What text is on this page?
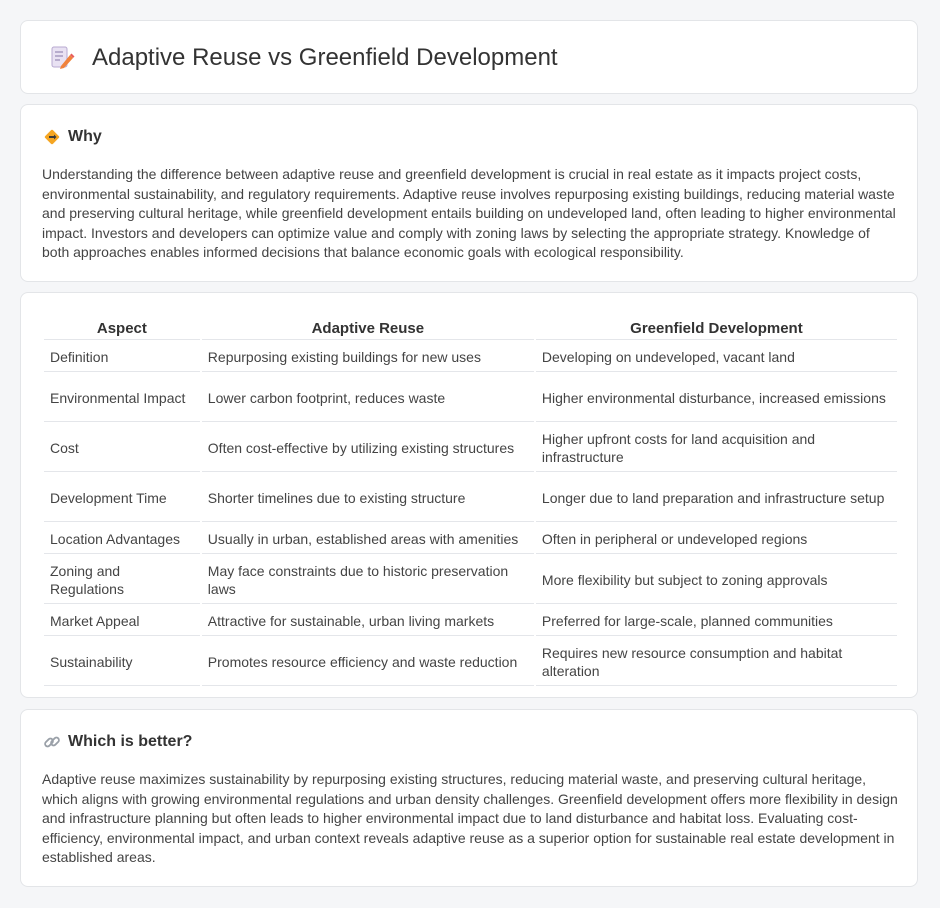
Adaptive Reuse vs Greenfield Development
Why

Understanding the difference between adaptive reuse and greenfield development is crucial in real estate as it impacts project costs, environmental sustainability, and regulatory requirements. Adaptive reuse involves repurposing existing buildings, reducing material waste and preserving cultural heritage, while greenfield development entails building on undeveloped land, often leading to higher environmental impact. Investors and developers can optimize value and comply with zoning laws by selecting the appropriate strategy. Knowledge of both approaches enables informed decisions that balance economic goals with ecological responsibility.

Aspect	Adaptive Reuse	Greenfield Development
Definition	Repurposing existing buildings for new uses	Developing on undeveloped, vacant land
Environmental Impact	Lower carbon footprint, reduces waste	Higher environmental disturbance, increased emissions
Cost	Often cost-effective by utilizing existing structures	Higher upfront costs for land acquisition and infrastructure
Development Time	Shorter timelines due to existing structure	Longer due to land preparation and infrastructure setup
Location Advantages	Usually in urban, established areas with amenities	Often in peripheral or undeveloped regions
Zoning and Regulations	May face constraints due to historic preservation laws	More flexibility but subject to zoning approvals
Market Appeal	Attractive for sustainable, urban living markets	Preferred for large-scale, planned communities
Sustainability	Promotes resource efficiency and waste reduction	Requires new resource consumption and habitat alteration
Which is better?

Adaptive reuse maximizes sustainability by repurposing existing structures, reducing material waste, and preserving cultural heritage, which aligns with growing environmental regulations and urban density challenges. Greenfield development offers more flexibility in design and infrastructure planning but often leads to higher environmental impact due to land disturbance and habitat loss. Evaluating cost-efficiency, environmental impact, and urban context reveals adaptive reuse as a superior option for sustainable real estate development in established areas.
